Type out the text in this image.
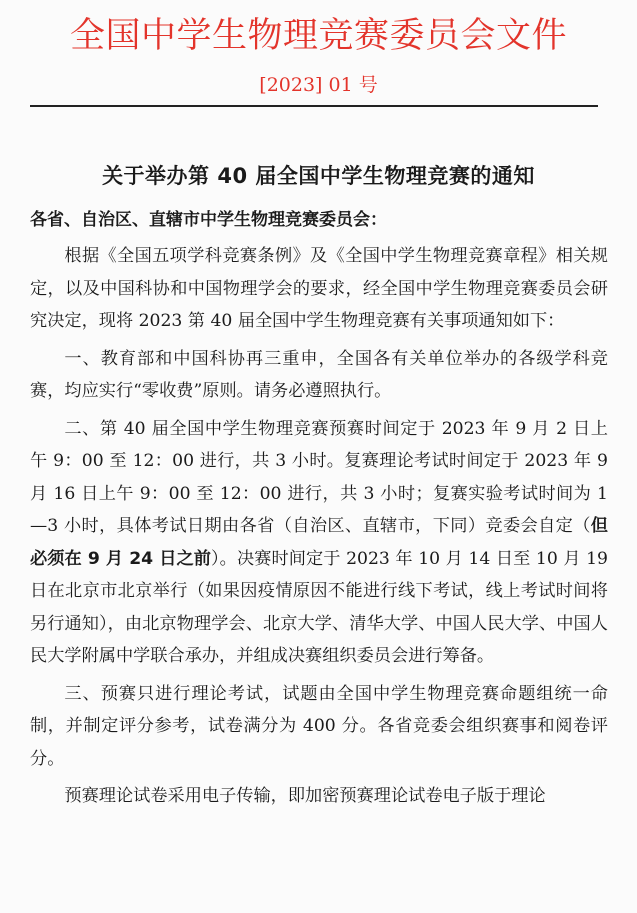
全国中学生物理竞赛委员会文件
[2023] 01 号
关于举办第 40 届全国中学生物理竞赛的通知
各省、自治区、直辖市中学生物理竞赛委员会：

根据《全国五项学科竞赛条例》及《全国中学生物理竞赛章程》相关规定，以及中国科协和中国物理学会的要求，经全国中学生物理竞赛委员会研究决定，现将 2023 第 40 届全国中学生物理竞赛有关事项通知如下：

一、教育部和中国科协再三重申，全国各有关单位举办的各级学科竞赛，均应实行“零收费”原则。请务必遵照执行。

二、第 40 届全国中学生物理竞赛预赛时间定于 2023 年 9 月 2 日上午 9：00 至 12：00 进行，共 3 小时。复赛理论考试时间定于 2023 年 9 月 16 日上午 9：00 至 12：00 进行，共 3 小时；复赛实验考试时间为 1—3 小时，具体考试日期由各省（自治区、直辖市，下同）竞委会自定（但必须在 9 月 24 日之前）。决赛时间定于 2023 年 10 月 14 日至 10 月 19 日在北京市北京举行（如果因疫情原因不能进行线下考试，线上考试时间将另行通知），由北京物理学会、北京大学、清华大学、中国人民大学、中国人民大学附属中学联合承办，并组成决赛组织委员会进行筹备。

三、预赛只进行理论考试，试题由全国中学生物理竞赛命题组统一命制，并制定评分参考，试卷满分为 400 分。各省竞委会组织赛事和阅卷评分。

预赛理论试卷采用电子传输，即加密预赛理论试卷电子版于理论
